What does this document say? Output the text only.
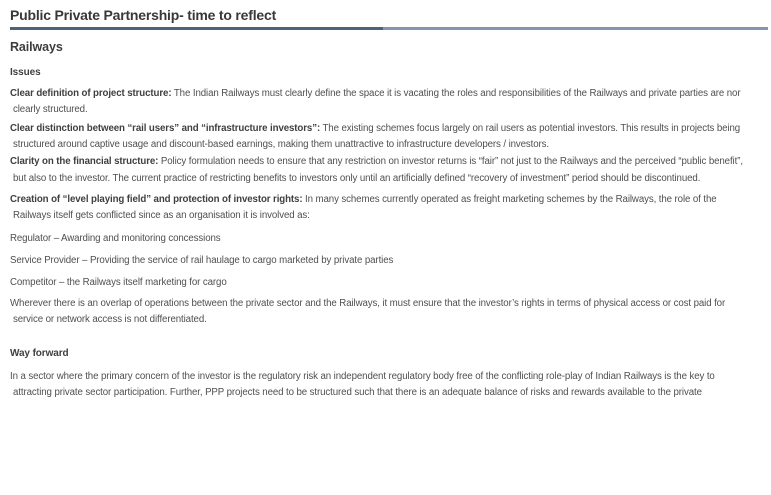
Public Private Partnership- time to reflect
Railways
Issues

Clear definition of project structure: The Indian Railways must clearly define the space it is vacating the roles and responsibilities of the Railways and private parties are nor clearly structured.

Clear distinction between “rail users” and “infrastructure investors”: The existing schemes focus largely on rail users as potential investors. This results in projects being structured around captive usage and discount-based earnings, making them unattractive to infrastructure developers / investors.

Clarity on the financial structure: Policy formulation needs to ensure that any restriction on investor returns is “fair” not just to the Railways and the perceived “public benefit”, but also to the investor. The current practice of restricting benefits to investors only until an artificially defined “recovery of investment” period should be discontinued.

Creation of “level playing field” and protection of investor rights: In many schemes currently operated as freight marketing schemes by the Railways, the role of the Railways itself gets conflicted since as an organisation it is involved as:

Regulator – Awarding and monitoring concessions

Service Provider – Providing the service of rail haulage to cargo marketed by private parties

Competitor – the Railways itself marketing for cargo

Wherever there is an overlap of operations between the private sector and the Railways, it must ensure that the investor’s rights in terms of physical access or cost paid for service or network access is not differentiated.

Way forward

In a sector where the primary concern of the investor is the regulatory risk an independent regulatory body free of the conflicting role-play of Indian Railways is the key to attracting private sector participation. Further, PPP projects need to be structured such that there is an adequate balance of risks and rewards available to the private
